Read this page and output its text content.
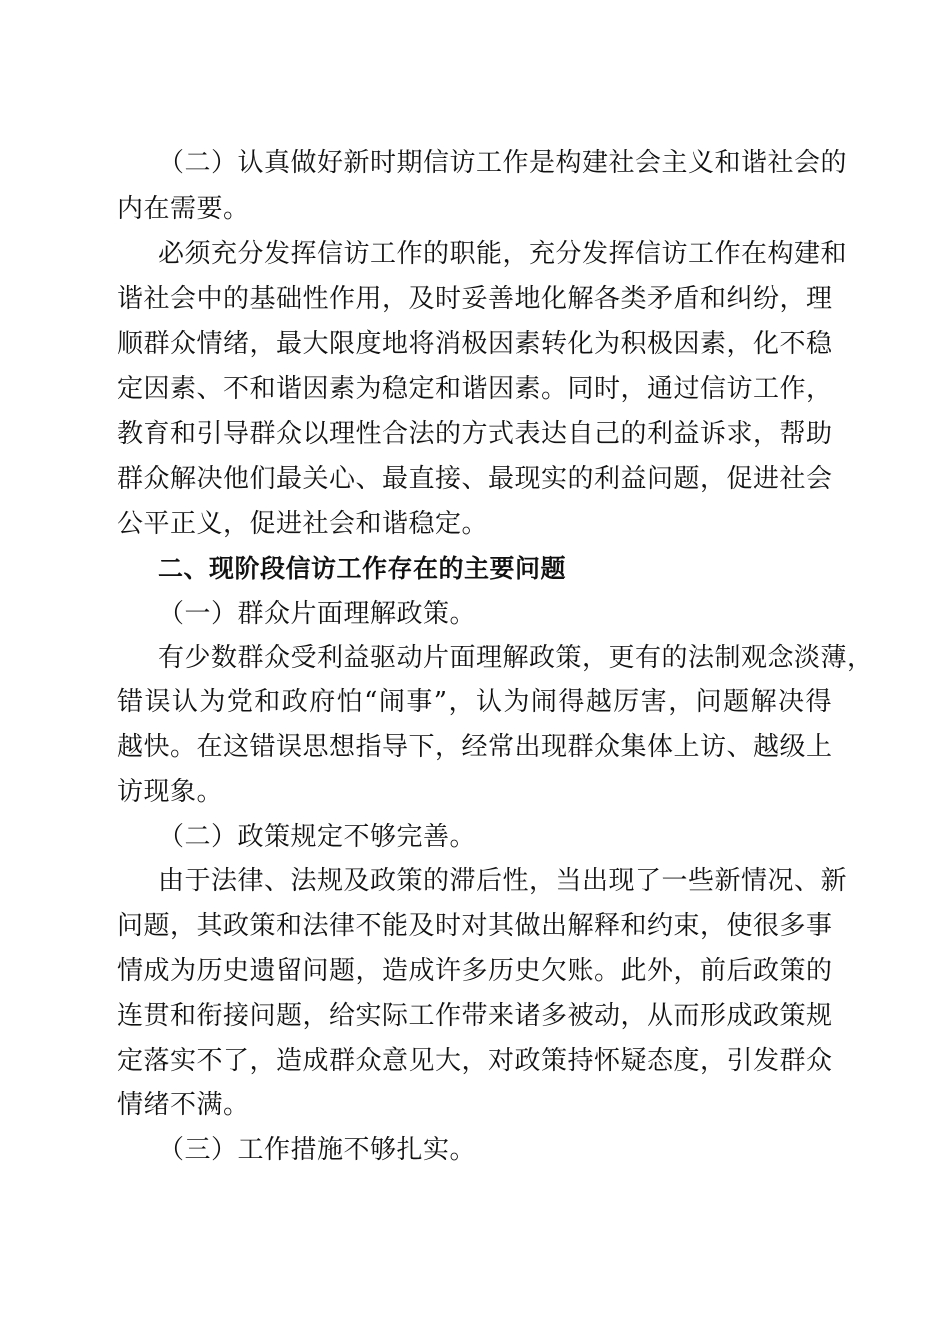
（二）认真做好新时期信访工作是构建社会主义和谐社会的
内在需要。
必须充分发挥信访工作的职能，充分发挥信访工作在构建和
谐社会中的基础性作用，及时妥善地化解各类矛盾和纠纷，理
顺群众情绪，最大限度地将消极因素转化为积极因素，化不稳
定因素、不和谐因素为稳定和谐因素。同时，通过信访工作，
教育和引导群众以理性合法的方式表达自己的利益诉求，帮助
群众解决他们最关心、最直接、最现实的利益问题，促进社会
公平正义，促进社会和谐稳定。
二、现阶段信访工作存在的主要问题
（一）群众片面理解政策。
有少数群众受利益驱动片面理解政策，更有的法制观念淡薄，
错误认为党和政府怕“闹事”，认为闹得越厉害，问题解决得
越快。在这错误思想指导下，经常出现群众集体上访、越级上
访现象。
（二）政策规定不够完善。
由于法律、法规及政策的滞后性，当出现了一些新情况、新
问题，其政策和法律不能及时对其做出解释和约束，使很多事
情成为历史遗留问题，造成许多历史欠账。此外，前后政策的
连贯和衔接问题，给实际工作带来诸多被动，从而形成政策规
定落实不了，造成群众意见大，对政策持怀疑态度，引发群众
情绪不满。
（三）工作措施不够扎实。
